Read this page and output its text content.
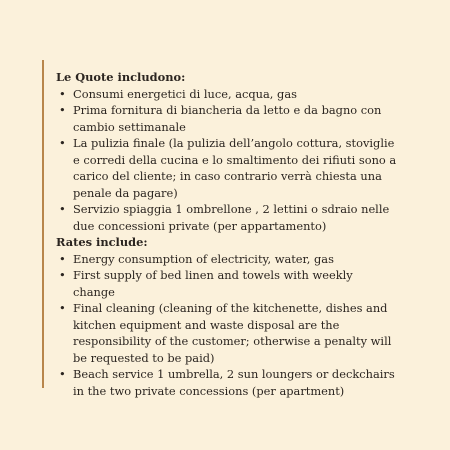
Le Quote includono:

• Consumi energetici di luce, acqua, gas
• Prima fornitura di biancheria da letto e da bagno con cambio settimanale
• La pulizia finale (la pulizia dell’angolo cottura, stoviglie e corredi della cucina e lo smaltimento dei rifiuti sono a carico del cliente; in caso contrario verrà chiesta una penale da pagare)
• Servizio spiaggia 1 ombrellone , 2 lettini o sdraio nelle due concessioni private (per appartamento)

Rates include:

• Energy consumption of electricity, water, gas
• First supply of bed linen and towels with weekly change
• Final cleaning (cleaning of the kitchenette, dishes and kitchen equipment and waste disposal are the responsibility of the customer; otherwise a penalty will be requested to be paid)
• Beach service 1 umbrella, 2 sun loungers or deckchairs in the two private concessions (per apartment)
